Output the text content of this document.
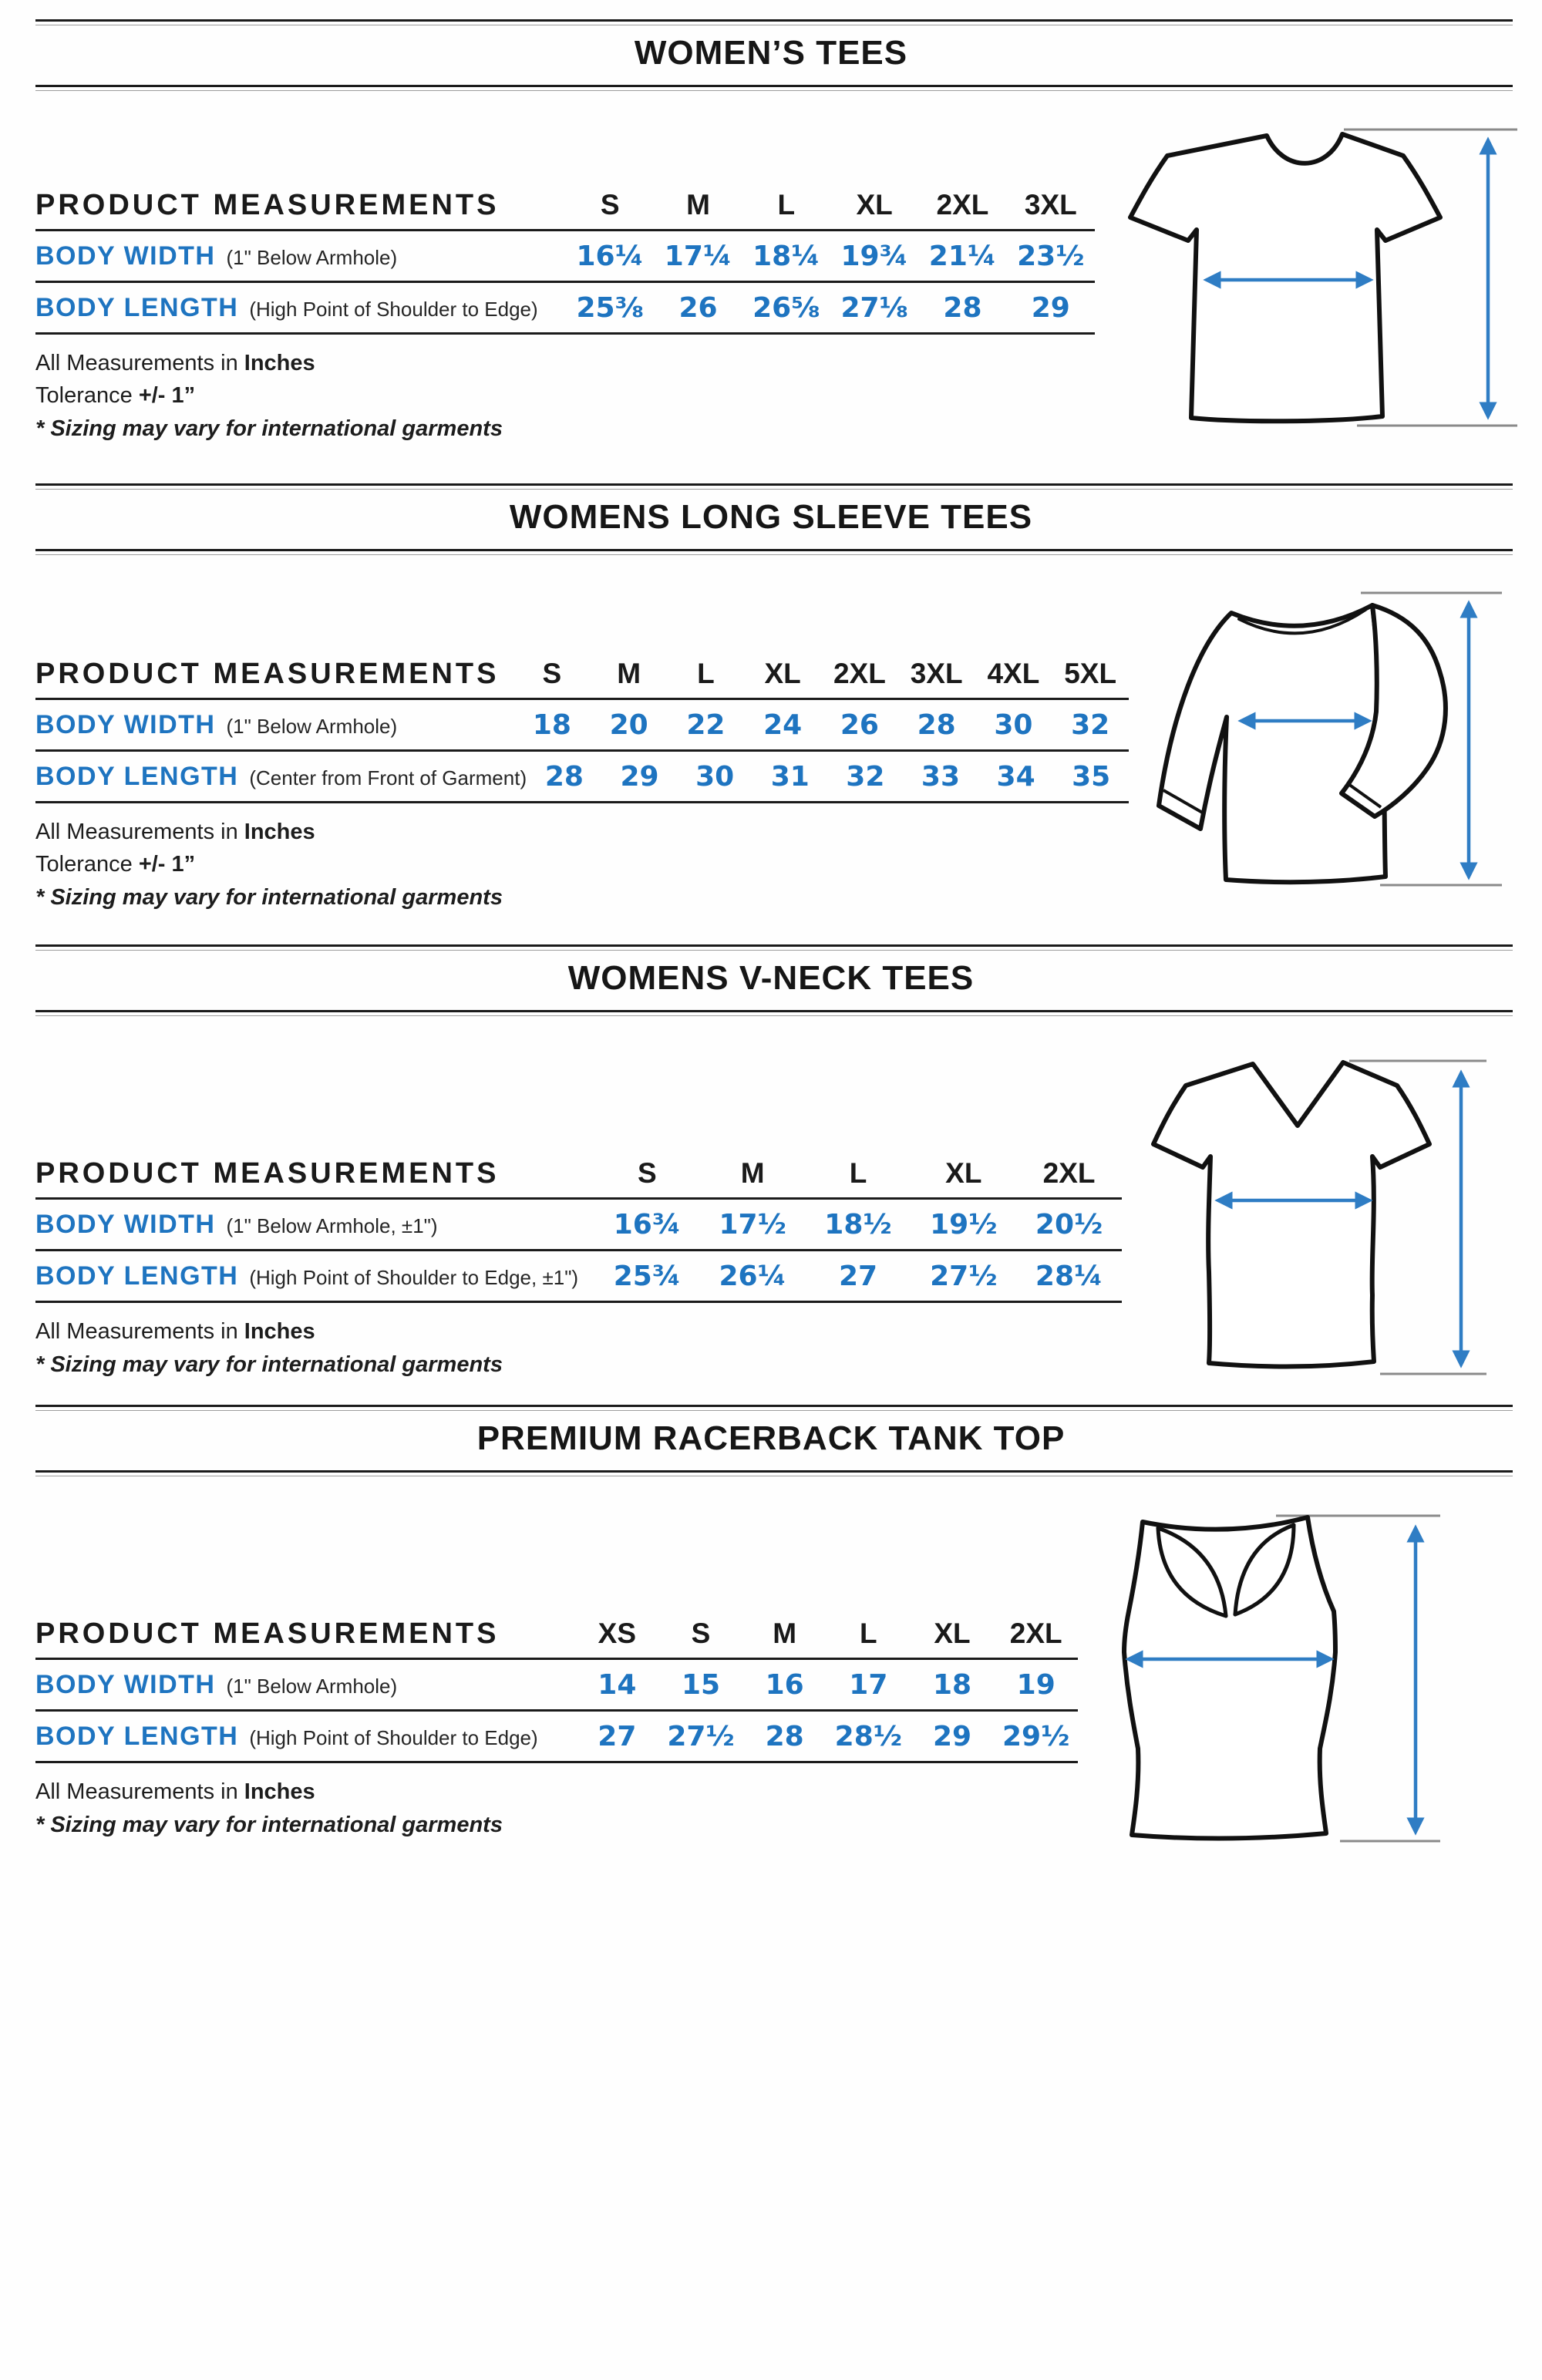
WOMEN’S TEES
PRODUCT MEASUREMENTS	S	M	L	XL	2XL	3XL
BODY WIDTH (1" Below Armhole)	16¼ 17¼ 18¼ 19¾ 21¼ 23½
BODY LENGTH (High Point of Shoulder to Edge)	25⅜	26	26⅝ 27⅛	28	29
All Measurements in Inches
Tolerance +/- 1”
* Sizing may vary for international garments
WOMENS LONG SLEEVE TEES
PRODUCT MEASUREMENTS	S	M	L	XL	2XL 3XL 4XL 5XL
BODY WIDTH (1" Below Armhole)	18	20	22	24	26	28	30	32
BODY LENGTH (Center from Front of Garment) 28	29	30	31	32	33	34	35
All Measurements in Inches
Tolerance +/- 1”
* Sizing may vary for international garments
WOMENS V-NECK TEES
PRODUCT MEASUREMENTS	S	M	L	XL	2XL
BODY WIDTH (1" Below Armhole, ±1")	16¾	17½	18½	19½	20½
BODY LENGTH (High Point of Shoulder to Edge, ±1")	25¾	26¼	27	27½	28¼
All Measurements in Inches
* Sizing may vary for international garments
PREMIUM RACERBACK TANK TOP
PRODUCT MEASUREMENTS	XS	S	M	L	XL	2XL
BODY WIDTH (1" Below Armhole)	14	15	16	17	18	19
BODY LENGTH (High Point of Shoulder to Edge)	27	27½	28	28½	29	29½
All Measurements in Inches
* Sizing may vary for international garments
